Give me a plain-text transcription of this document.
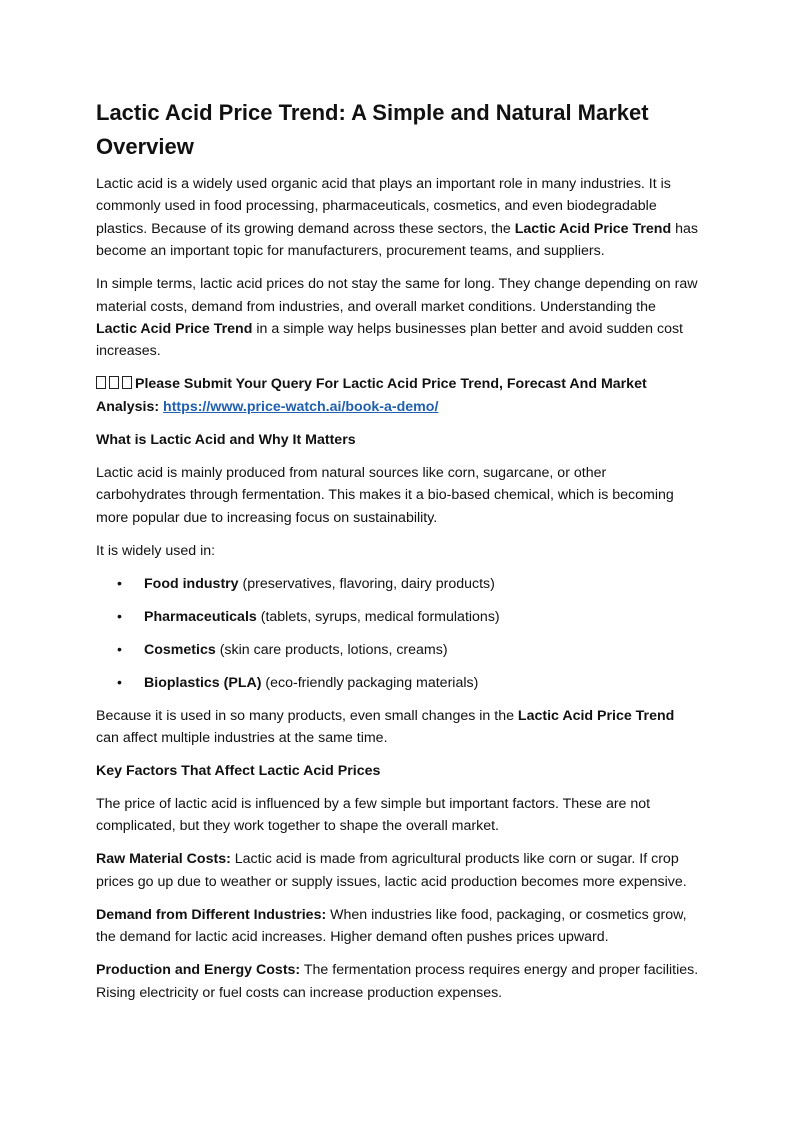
Lactic Acid Price Trend: A Simple and Natural Market Overview

Lactic acid is a widely used organic acid that plays an important role in many industries. It is commonly used in food processing, pharmaceuticals, cosmetics, and even biodegradable plastics. Because of its growing demand across these sectors, the Lactic Acid Price Trend has become an important topic for manufacturers, procurement teams, and suppliers.

In simple terms, lactic acid prices do not stay the same for long. They change depending on raw material costs, demand from industries, and overall market conditions. Understanding the Lactic Acid Price Trend in a simple way helps businesses plan better and avoid sudden cost increases.

Please Submit Your Query For Lactic Acid Price Trend, Forecast And Market Analysis: https://www.price-watch.ai/book-a-demo/

What is Lactic Acid and Why It Matters

Lactic acid is mainly produced from natural sources like corn, sugarcane, or other carbohydrates through fermentation. This makes it a bio-based chemical, which is becoming more popular due to increasing focus on sustainability.

It is widely used in:

• Food industry (preservatives, flavoring, dairy products)
• Pharmaceuticals (tablets, syrups, medical formulations)
• Cosmetics (skin care products, lotions, creams)
• Bioplastics (PLA) (eco-friendly packaging materials)

Because it is used in so many products, even small changes in the Lactic Acid Price Trend can affect multiple industries at the same time.

Key Factors That Affect Lactic Acid Prices

The price of lactic acid is influenced by a few simple but important factors. These are not complicated, but they work together to shape the overall market.

Raw Material Costs: Lactic acid is made from agricultural products like corn or sugar. If crop prices go up due to weather or supply issues, lactic acid production becomes more expensive.

Demand from Different Industries: When industries like food, packaging, or cosmetics grow, the demand for lactic acid increases. Higher demand often pushes prices upward.

Production and Energy Costs: The fermentation process requires energy and proper facilities. Rising electricity or fuel costs can increase production expenses.
